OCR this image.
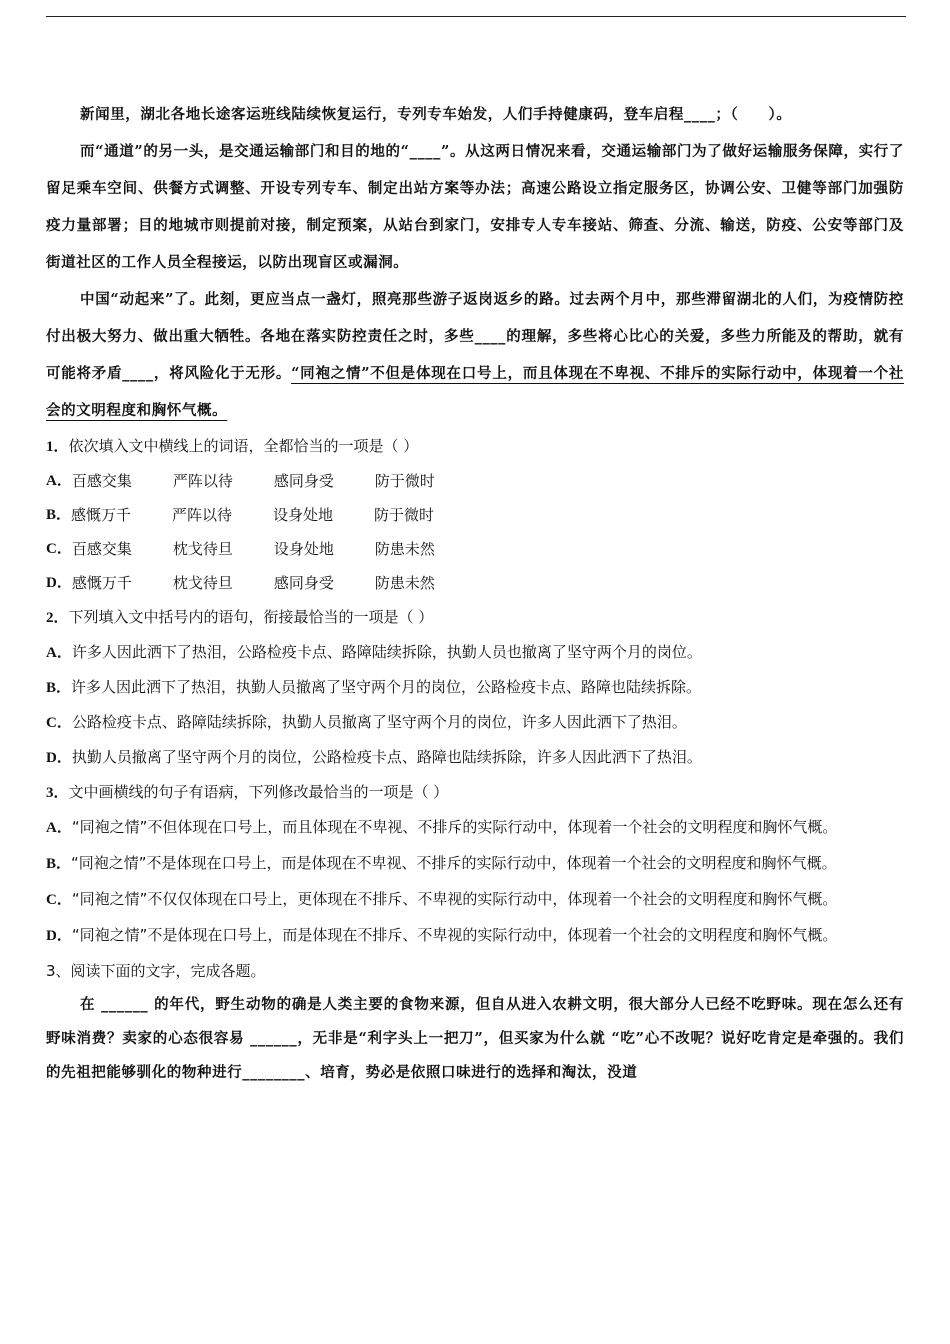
新闻里，湖北各地长途客运班线陆续恢复运行，专列专车始发，人们手持健康码，登车启程____；（　　）。

而“通道”的另一头，是交通运输部门和目的地的“____”。从这两日情况来看，交通运输部门为了做好运输服务保障，实行了留足乘车空间、供餐方式调整、开设专列专车、制定出站方案等办法；高速公路设立指定服务区，协调公安、卫健等部门加强防疫力量部署；目的地城市则提前对接，制定预案，从站台到家门，安排专人专车接站、筛查、分流、输送，防疫、公安等部门及街道社区的工作人员全程接运，以防出现盲区或漏洞。

中国“动起来”了。此刻，更应当点一盏灯，照亮那些游子返岗返乡的路。过去两个月中，那些滞留湖北的人们，为疫情防控付出极大努力、做出重大牺牲。各地在落实防控责任之时，多些____的理解，多些将心比心的关爱，多些力所能及的帮助，就有可能将矛盾____，将风险化于无形。“同袍之情”不但是体现在口号上，而且体现在不卑视、不排斥的实际行动中，体现着一个社会的文明程度和胸怀气概。

1．依次填入文中横线上的词语，全都恰当的一项是（ ）

A． 百感交集	严阵以待	感同身受	防于微时
B． 感慨万千	严阵以待	设身处地	防于微时
C． 百感交集	枕戈待旦	设身处地	防患未然
D． 感慨万千	枕戈待旦	感同身受	防患未然

2．下列填入文中括号内的语句，衔接最恰当的一项是（ ）

A．许多人因此洒下了热泪，公路检疫卡点、路障陆续拆除，执勤人员也撤离了坚守两个月的岗位。

B．许多人因此洒下了热泪，执勤人员撤离了坚守两个月的岗位，公路检疫卡点、路障也陆续拆除。

C．公路检疫卡点、路障陆续拆除，执勤人员撤离了坚守两个月的岗位，许多人因此洒下了热泪。

D．执勤人员撤离了坚守两个月的岗位，公路检疫卡点、路障也陆续拆除，许多人因此洒下了热泪。

3．文中画横线的句子有语病，下列修改最恰当的一项是（ ）

A．“同袍之情”不但体现在口号上，而且体现在不卑视、不排斥的实际行动中，体现着一个社会的文明程度和胸怀气概。

B．“同袍之情”不是体现在口号上，而是体现在不卑视、不排斥的实际行动中，体现着一个社会的文明程度和胸怀气概。

C．“同袍之情”不仅仅体现在口号上，更体现在不排斥、不卑视的实际行动中，体现着一个社会的文明程度和胸怀气概。

D．“同袍之情”不是体现在口号上，而是体现在不排斥、不卑视的实际行动中，体现着一个社会的文明程度和胸怀气概。

3、阅读下面的文字，完成各题。

在 ______ 的年代，野生动物的确是人类主要的食物来源，但自从进入农耕文明，很大部分人已经不吃野味。现在怎么还有野味消费？卖家的心态很容易 ______，无非是“利字头上一把刀”，但买家为什么就 “吃”心不改呢？说好吃肯定是牵强的。我们的先祖把能够驯化的物种进行________、培育，势必是依照口味进行的选择和淘汰，没道
